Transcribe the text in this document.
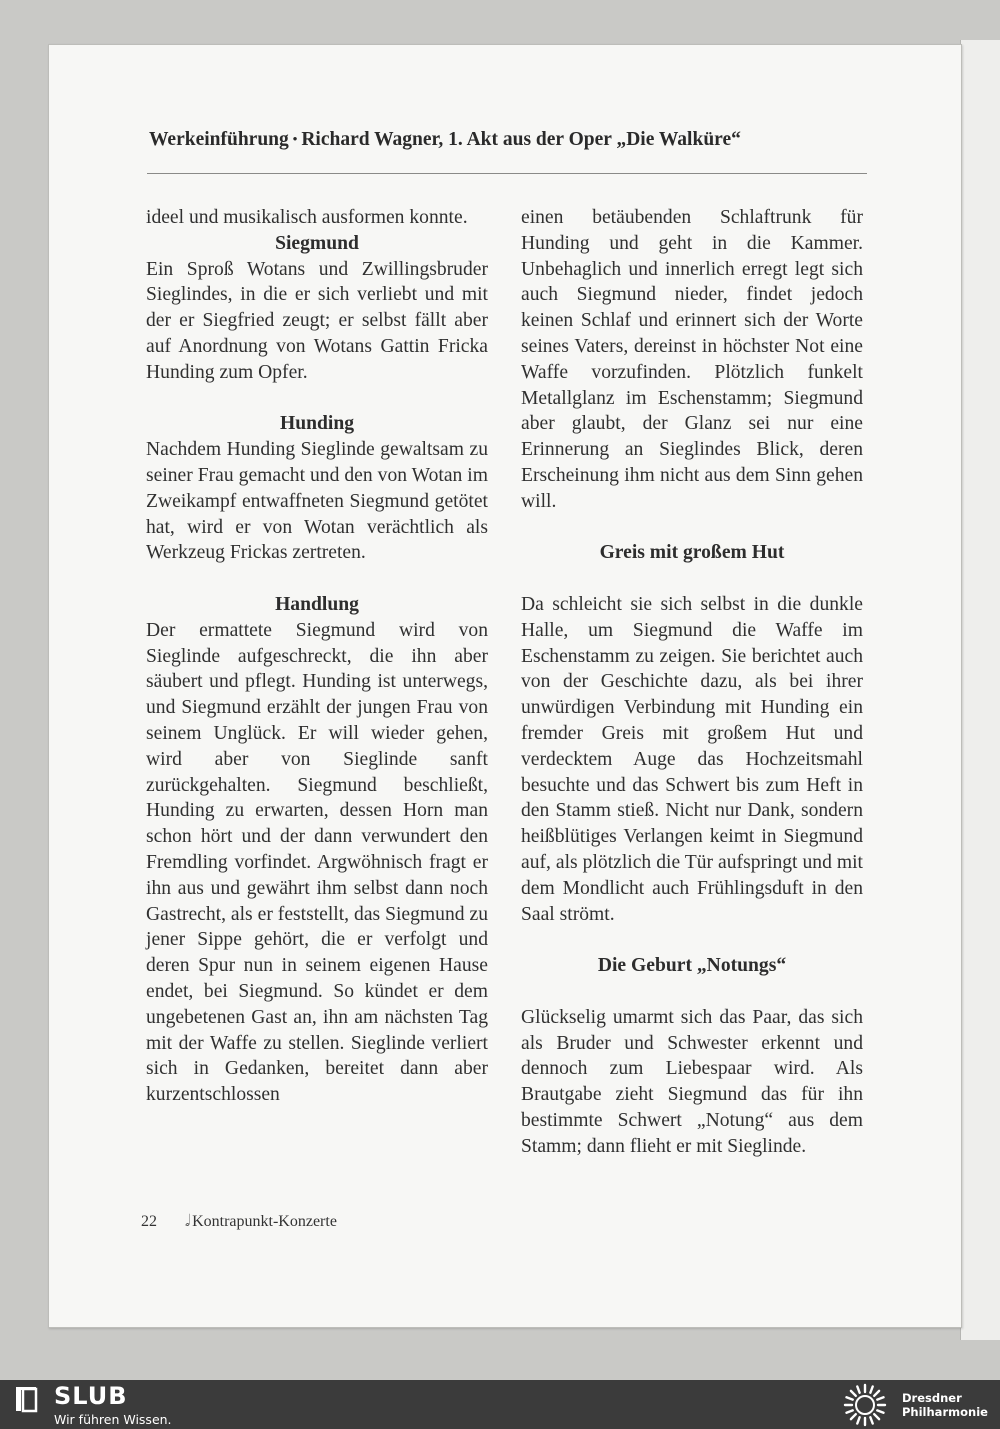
Werkeinführung • Richard Wagner, 1. Akt aus der Oper „Die Walküre“

ideel und musikalisch ausformen konnte.

Siegmund

Ein Sproß Wotans und Zwillingsbruder Sieglindes, in die er sich verliebt und mit der er Siegfried zeugt; er selbst fällt aber auf Anordnung von Wotans Gattin Fricka Hunding zum Opfer.

Hunding

Nachdem Hunding Sieglinde gewaltsam zu seiner Frau gemacht und den von Wotan im Zweikampf entwaffneten Siegmund getötet hat, wird er von Wotan verächtlich als Werkzeug Frickas zertreten.

Handlung

Der ermattete Siegmund wird von Sieglinde aufgeschreckt, die ihn aber säubert und pflegt. Hunding ist unterwegs, und Siegmund erzählt der jungen Frau von seinem Unglück. Er will wieder gehen, wird aber von Sieglinde sanft zurückgehalten. Siegmund beschließt, Hunding zu erwarten, dessen Horn man schon hört und der dann verwundert den Fremdling vorfindet. Argwöhnisch fragt er ihn aus und gewährt ihm selbst dann noch Gastrecht, als er feststellt, das Siegmund zu jener Sippe gehört, die er verfolgt und deren Spur nun in seinem eigenen Hause endet, bei Siegmund. So kündet er dem ungebetenen Gast an, ihn am nächsten Tag mit der Waffe zu stellen. Sieglinde verliert sich in Gedanken, bereitet dann aber kurzentschlossen

einen betäubenden Schlaftrunk für Hunding und geht in die Kammer. Unbehaglich und innerlich erregt legt sich auch Siegmund nieder, findet jedoch keinen Schlaf und erinnert sich der Worte seines Vaters, dereinst in höchster Not eine Waffe vorzufinden. Plötzlich funkelt Metallglanz im Eschenstamm; Siegmund aber glaubt, der Glanz sei nur eine Erinnerung an Sieglindes Blick, deren Erscheinung ihm nicht aus dem Sinn gehen will.

Greis mit großem Hut

Da schleicht sie sich selbst in die dunkle Halle, um Siegmund die Waffe im Eschenstamm zu zeigen. Sie berichtet auch von der Geschichte dazu, als bei ihrer unwürdigen Verbindung mit Hunding ein fremder Greis mit großem Hut und verdecktem Auge das Hochzeitsmahl besuchte und das Schwert bis zum Heft in den Stamm stieß. Nicht nur Dank, sondern heißblütiges Verlangen keimt in Siegmund auf, als plötzlich die Tür aufspringt und mit dem Mondlicht auch Frühlingsduft in den Saal strömt.

Die Geburt „Notungs“

Glückselig umarmt sich das Paar, das sich als Bruder und Schwester erkennt und dennoch zum Liebespaar wird. Als Brautgabe zieht Siegmund das für ihn bestimmte Schwert „Notung“ aus dem Stamm; dann flieht er mit Sieglinde.

22 𝅗𝅥 Kontrapunkt-Konzerte
SLUB
Wir führen Wissen.
Dresdner
Philharmonie
